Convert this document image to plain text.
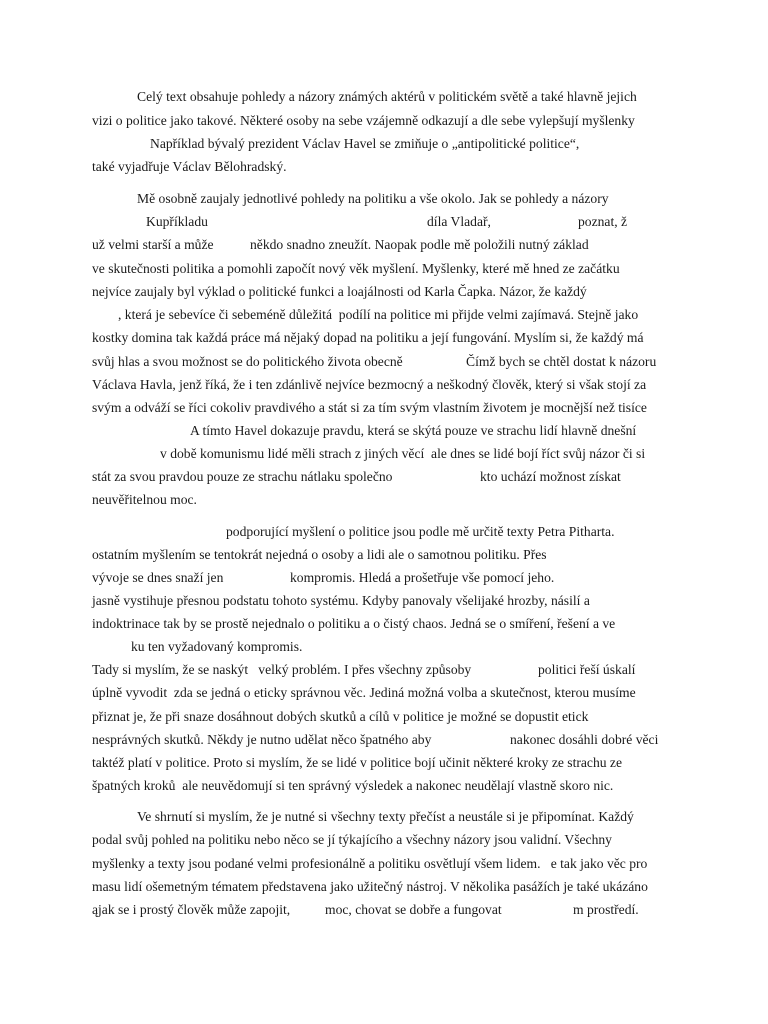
Celý text obsahuje pohledy a názory známých aktérů v politickém světě a také hlavně jejich
vizi o politice jako takové. Některé osoby na sebe vzájemně odkazují a dle sebe vylepšují myšlenky
Například bývalý prezident Václav Havel se zmiňuje o „antipolitické politice“,
také vyjadřuje Václav Bělohradský.
Mě osobně zaujaly jednotlivé pohledy na politiku a vše okolo. Jak se pohledy a názory
Kupříkladu	díla Vladař,	poznat, ž
už velmi starší a může	někdo snadno zneužít. Naopak podle mě položili nutný základ
ve skutečnosti politika a pomohli započít nový věk myšlení. Myšlenky, které mě hned ze začátku
nejvíce zaujaly byl výklad o politické funkci a loajálnosti od Karla Čapka. Názor, že každý
, která je sebevíce či sebeméně důležitá  podílí na politice mi přijde velmi zajímavá. Stejně jako
kostky domina tak každá práce má nějaký dopad na politiku a její fungování. Myslím si, že každý má
svůj hlas a svou možnost se do politického života obecně	Čímž bych se chtěl dostat k názoru
Václava Havla, jenž říká, že i ten zdánlivě nejvíce bezmocný a neškodný člověk, který si však stojí za
svým a odváží se říci cokoliv pravdivého a stát si za tím svým vlastním životem je mocnější než tisíce
A tímto Havel dokazuje pravdu, která se skýtá pouze ve strachu lidí hlavně dnešní
v době komunismu lidé měli strach z jiných věcí  ale dnes se lidé bojí říct svůj názor či si
stát za svou pravdou pouze ze strachu nátlaku společno	kto uchází možnost získat
neuvěřitelnou moc.
podporující myšlení o politice jsou podle mě určitě texty Petra Pitharta.
ostatním myšlením se tentokrát nejedná o osoby a lidi ale o samotnou politiku. Přes
vývoje se dnes snaží jen	kompromis. Hledá a prošetřuje vše pomocí jeho.
jasně vystihuje přesnou podstatu tohoto systému. Kdyby panovaly všelijaké hrozby, násilí a
indoktrinace tak by se prostě nejednalo o politiku a o čistý chaos. Jedná se o smíření, řešení a ve
ku ten vyžadovaný kompromis.
Tady si myslím, že se naskýt   velký problém. I přes všechny způsoby	politici řeší úskalí
úplně vyvodit  zda se jedná o eticky správnou věc. Jediná možná volba a skutečnost, kterou musíme
přiznat je, že při snaze dosáhnout dobých skutků a cílů v politice je možné se dopustit etick
nesprávných skutků. Někdy je nutno udělat něco špatného aby	nakonec dosáhli dobré věci
taktéž platí v politice. Proto si myslím, že se lidé v politice bojí učinit některé kroky ze strachu ze
špatných kroků  ale neuvědomují si ten správný výsledek a nakonec neudělají vlastně skoro nic.
Ve shrnutí si myslím, že je nutné si všechny texty přečíst a neustále si je připomínat. Každý
podal svůj pohled na politiku nebo něco se jí týkajícího a všechny názory jsou validní. Všechny
myšlenky a texty jsou podané velmi profesionálně a politiku osvětlují všem lidem.   e tak jako věc pro
masu lidí ošemetným tématem představena jako užitečný nástroj. V několika pasážích je také ukázáno
ąjak se i prostý člověk může zapojit,	moc, chovat se dobře a fungovat	m prostředí.
